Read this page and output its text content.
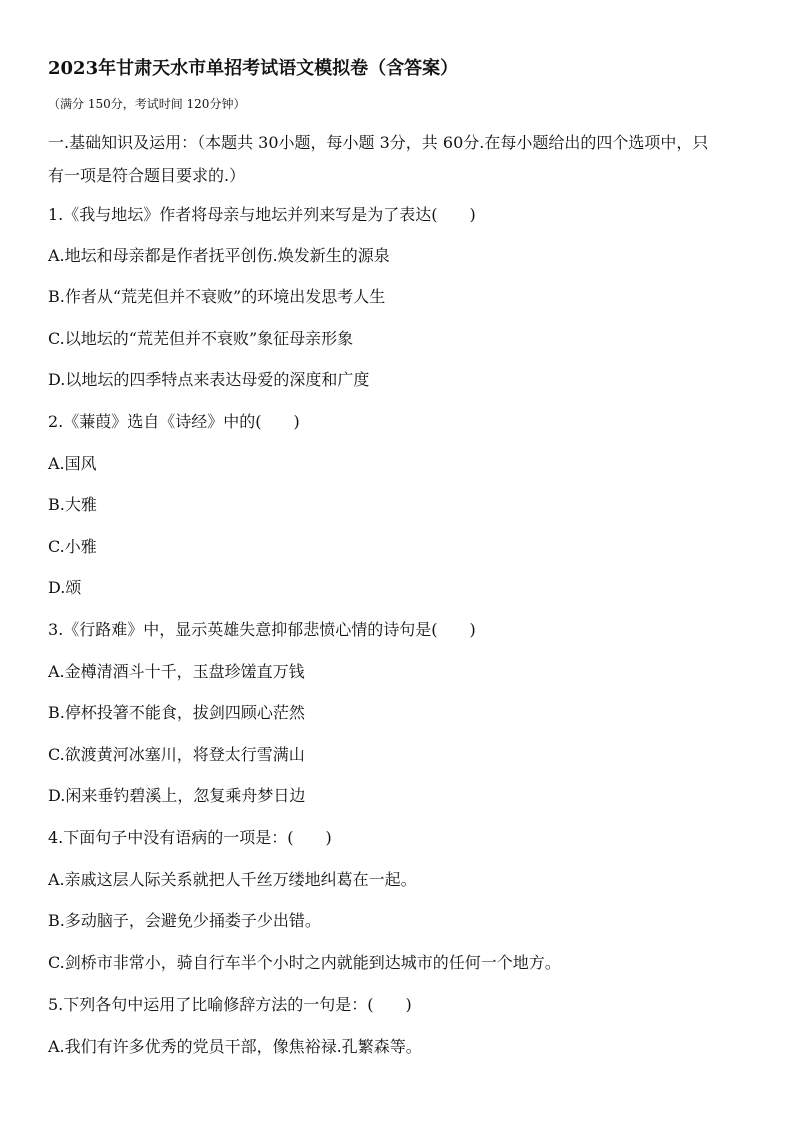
2023年甘肃天水市单招考试语文模拟卷（含答案）
（满分 150分，考试时间 120分钟）
一.基础知识及运用：（本题共 30小题，每小题 3分，共 60分.在每小题给出的四个选项中，只
有一项是符合题目要求的.）
1.《我与地坛》作者将母亲与地坛并列来写是为了表达(　　)
A.地坛和母亲都是作者抚平创伤.焕发新生的源泉
B.作者从“荒芜但并不衰败”的环境出发思考人生
C.以地坛的“荒芜但并不衰败”象征母亲形象
D.以地坛的四季特点来表达母爱的深度和广度
2.《蒹葭》选自《诗经》中的(　　)
A.国风
B.大雅
C.小雅
D.颂
3.《行路难》中，显示英雄失意抑郁悲愤心情的诗句是(　　)
A.金樽清酒斗十千，玉盘珍馐直万钱
B.停杯投箸不能食，拔剑四顾心茫然
C.欲渡黄河冰塞川，将登太行雪满山
D.闲来垂钓碧溪上，忽复乘舟梦日边
4.下面句子中没有语病的一项是：(　　)
A.亲戚这层人际关系就把人千丝万缕地纠葛在一起。
B.多动脑子，会避免少捅娄子少出错。
C.剑桥市非常小，骑自行车半个小时之内就能到达城市的任何一个地方。
5.下列各句中运用了比喻修辞方法的一句是：(　　)
A.我们有许多优秀的党员干部，像焦裕禄.孔繁森等。
